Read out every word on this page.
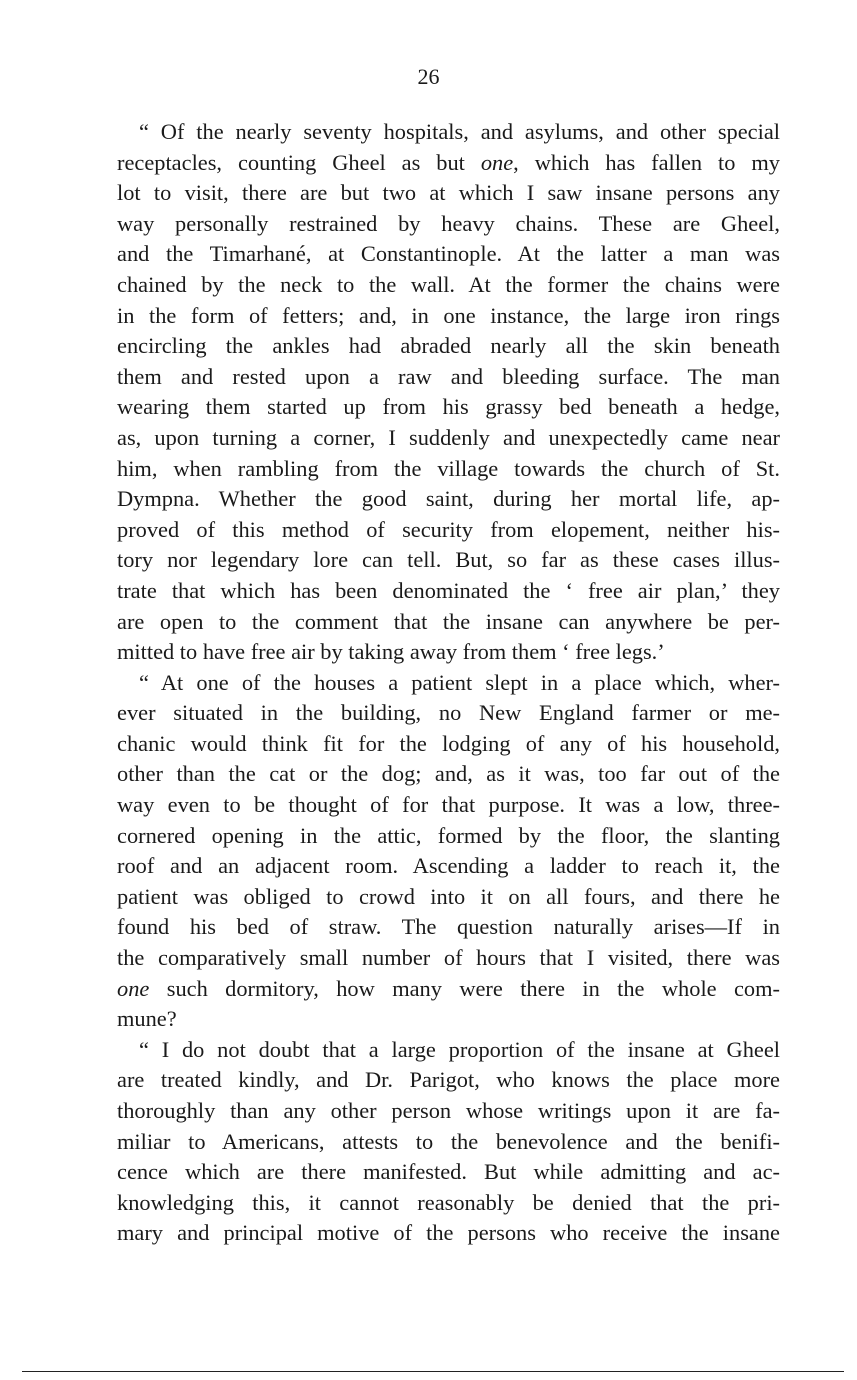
26
“ Of the nearly seventy hospitals, and asylums, and other special
receptacles, counting Gheel as but one, which has fallen to my
lot to visit, there are but two at which I saw insane persons any
way personally restrained by heavy chains. These are Gheel,
and the Timarhané, at Constantinople. At the latter a man was
chained by the neck to the wall. At the former the chains were
in the form of fetters; and, in one instance, the large iron rings
encircling the ankles had abraded nearly all the skin beneath
them and rested upon a raw and bleeding surface. The man
wearing them started up from his grassy bed beneath a hedge,
as, upon turning a corner, I suddenly and unexpectedly came near
him, when rambling from the village towards the church of St.
Dympna. Whether the good saint, during her mortal life, ap-
proved of this method of security from elopement, neither his-
tory nor legendary lore can tell. But, so far as these cases illus-
trate that which has been denominated the ‘ free air plan,’ they
are open to the comment that the insane can anywhere be per-
mitted to have free air by taking away from them ‘ free legs.’
“ At one of the houses a patient slept in a place which, wher-
ever situated in the building, no New England farmer or me-
chanic would think fit for the lodging of any of his household,
other than the cat or the dog; and, as it was, too far out of the
way even to be thought of for that purpose. It was a low, three-
cornered opening in the attic, formed by the floor, the slanting
roof and an adjacent room. Ascending a ladder to reach it, the
patient was obliged to crowd into it on all fours, and there he
found his bed of straw. The question naturally arises—If in
the comparatively small number of hours that I visited, there was
one such dormitory, how many were there in the whole com-
mune?
“ I do not doubt that a large proportion of the insane at Gheel
are treated kindly, and Dr. Parigot, who knows the place more
thoroughly than any other person whose writings upon it are fa-
miliar to Americans, attests to the benevolence and the benifi-
cence which are there manifested. But while admitting and ac-
knowledging this, it cannot reasonably be denied that the pri-
mary and principal motive of the persons who receive the insane
